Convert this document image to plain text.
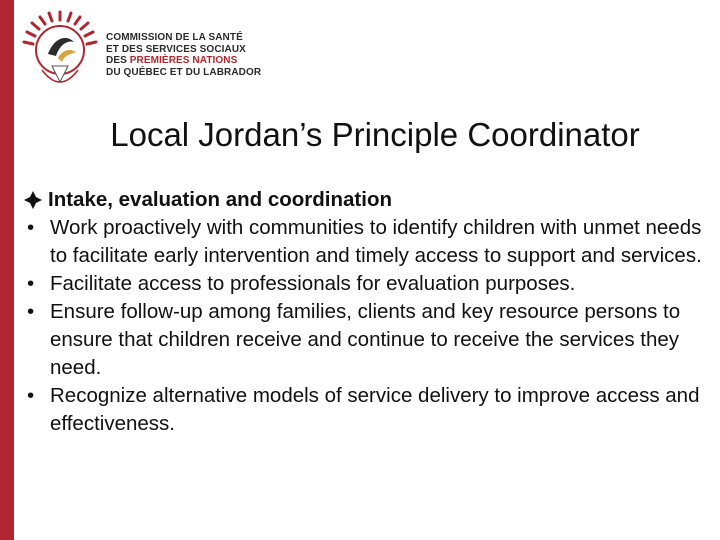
COMMISSION DE LA SANTÉ
ET DES SERVICES SOCIAUX
DES PREMIÈRES NATIONS
DU QUÉBEC ET DU LABRADOR
Local Jordan’s Principle Coordinator
Intake, evaluation and coordination
• Work proactively with communities to identify children with unmet needs to facilitate early intervention and timely access to support and services.
• Facilitate access to professionals for evaluation purposes.
• Ensure follow-up among families, clients and key resource persons to ensure that children receive and continue to receive the services they need.
• Recognize alternative models of service delivery to improve access and effectiveness.
